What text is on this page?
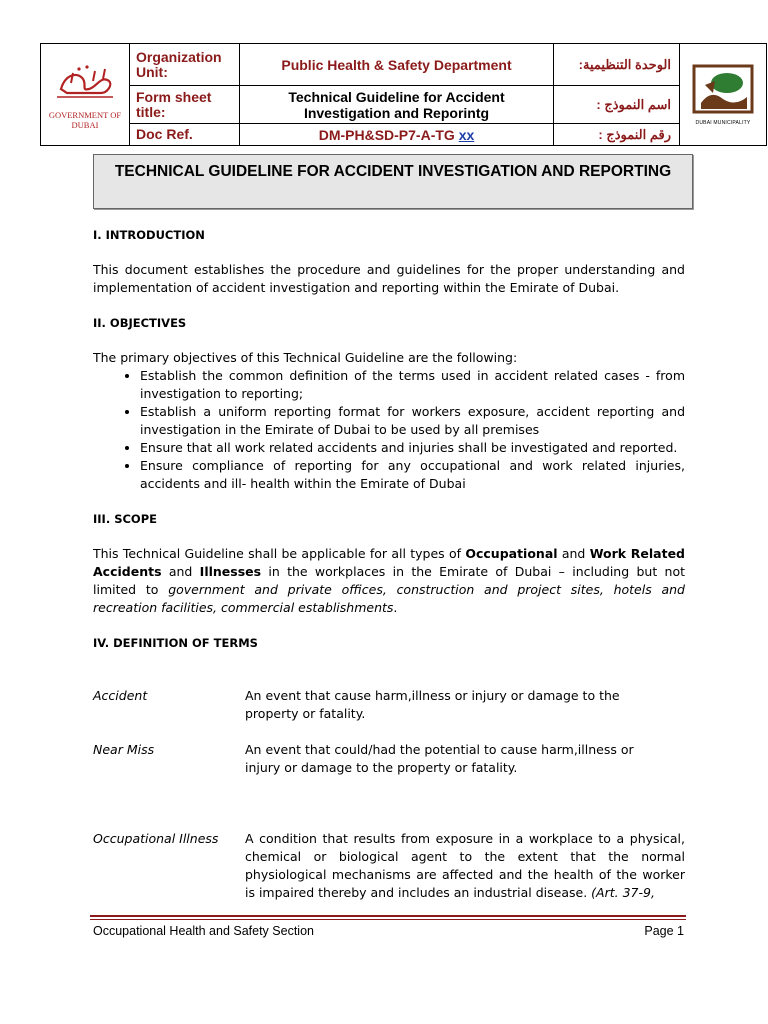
GOVERNMENT OF DUBAI	Organization Unit:	Public Health & Safety Department	الوحدة التنظيمية:	DUBAI MUNICIPALITY

	Form sheet title:	Technical Guideline for Accident Investigation and Reporintg	اسم النموذج :	
	Doc Ref.	DM-PH&SD-P7-A-TG xx	رقم النموذج :	
TECHNICAL GUIDELINE FOR ACCIDENT INVESTIGATION AND REPORTING

I. INTRODUCTION

This document establishes the procedure and guidelines for the proper understanding and implementation of accident investigation and reporting within the Emirate of Dubai.

II. OBJECTIVES

The primary objectives of this Technical Guideline are the following:

• Establish the common definition of the terms used in accident related cases - from investigation to reporting;
• Establish a uniform reporting format for workers exposure, accident reporting and investigation in the Emirate of Dubai to be used by all premises
• Ensure that all work related accidents and injuries shall be investigated and reported.
• Ensure compliance of reporting for any occupational and work related injuries, accidents and ill- health within the Emirate of Dubai

III. SCOPE

This Technical Guideline shall be applicable for all types of Occupational and Work Related Accidents and Illnesses in the workplaces in the Emirate of Dubai – including but not limited to government and private offices, construction and project sites, hotels and recreation facilities, commercial establishments.

IV. DEFINITION OF TERMS

Accident	An event that cause harm,illness or injury or damage to the property or fatality.
Near Miss	An event that could/had the potential to cause harm,illness or injury or damage to the property or fatality.
Occupational Illness	A condition that results from exposure in a workplace to a physical, chemical or biological agent to the extent that the normal physiological mechanisms are affected and the health of the worker is impaired thereby and includes an industrial disease. (Art. 37-9,
Occupational Health and Safety Section	Page 1
